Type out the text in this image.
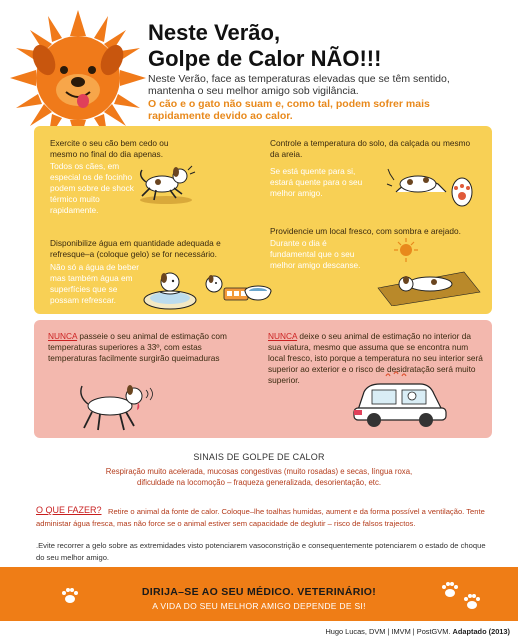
Neste Verão,
Golpe de Calor NÃO!!!
Neste Verão, face as temperaturas elevadas que se têm sentido, mantenha o seu melhor amigo sob vigilância.
O cão e o gato não suam e, como tal, podem sofrer mais rapidamente devido ao calor.
Exercite o seu cão bem cedo ou mesmo no final do dia apenas.
Todos os cães, em especial os de focinho podem sobre de shock térmico muito rapidamente.
Controle a temperatura do solo, da calçada ou mesmo da areia.
Se está quente para si, estará quente para o seu melhor amigo.
Disponibilize água em quantidade adequada e refresque–a (coloque gelo) se for necessário.
Não só a água de beber mas também água em superfícies que se possam refrescar.
Providencie um local fresco, com sombra e arejado.
Durante o dia é fundamental que o seu melhor amigo descanse.
NUNCA passeie o seu animal de estimação com temperaturas superiores a 33º, com estas temperaturas facilmente surgirão queimaduras
NUNCA deixe o seu animal de estimação no interior da sua viatura, mesmo que assuma que se encontra num local fresco, isto porque a temperatura no seu interior será superior ao exterior e o risco de desidratação será muito superior.
SINAIS DE GOLPE DE CALOR
Respiração muito acelerada, mucosas congestivas (muito rosadas) e secas, língua roxa, dificuldade na locomoção – fraqueza generalizada, desorientação, etc.
Retire o animal da fonte de calor. Coloque–lhe toalhas humidas, aument e da forma possível a ventilação. Tente administar água fresca, mas não force se o animal estiver sem capacidade de deglutir – risco de falsos trajectos.
O QUE FAZER?
.Evite recorrer a gelo sobre as extremidades visto potenciarem vasoconstrição e consequentemente potenciarem o estado de choque do seu melhor amigo.
DIRIJA–SE AO SEU MÉDICO. VETERINÁRIO!
A VIDA DO SEU MELHOR AMIGO DEPENDE DE SI!
Hugo Lucas, DVM | IMVM | PostGVM. Adaptado (2013)
